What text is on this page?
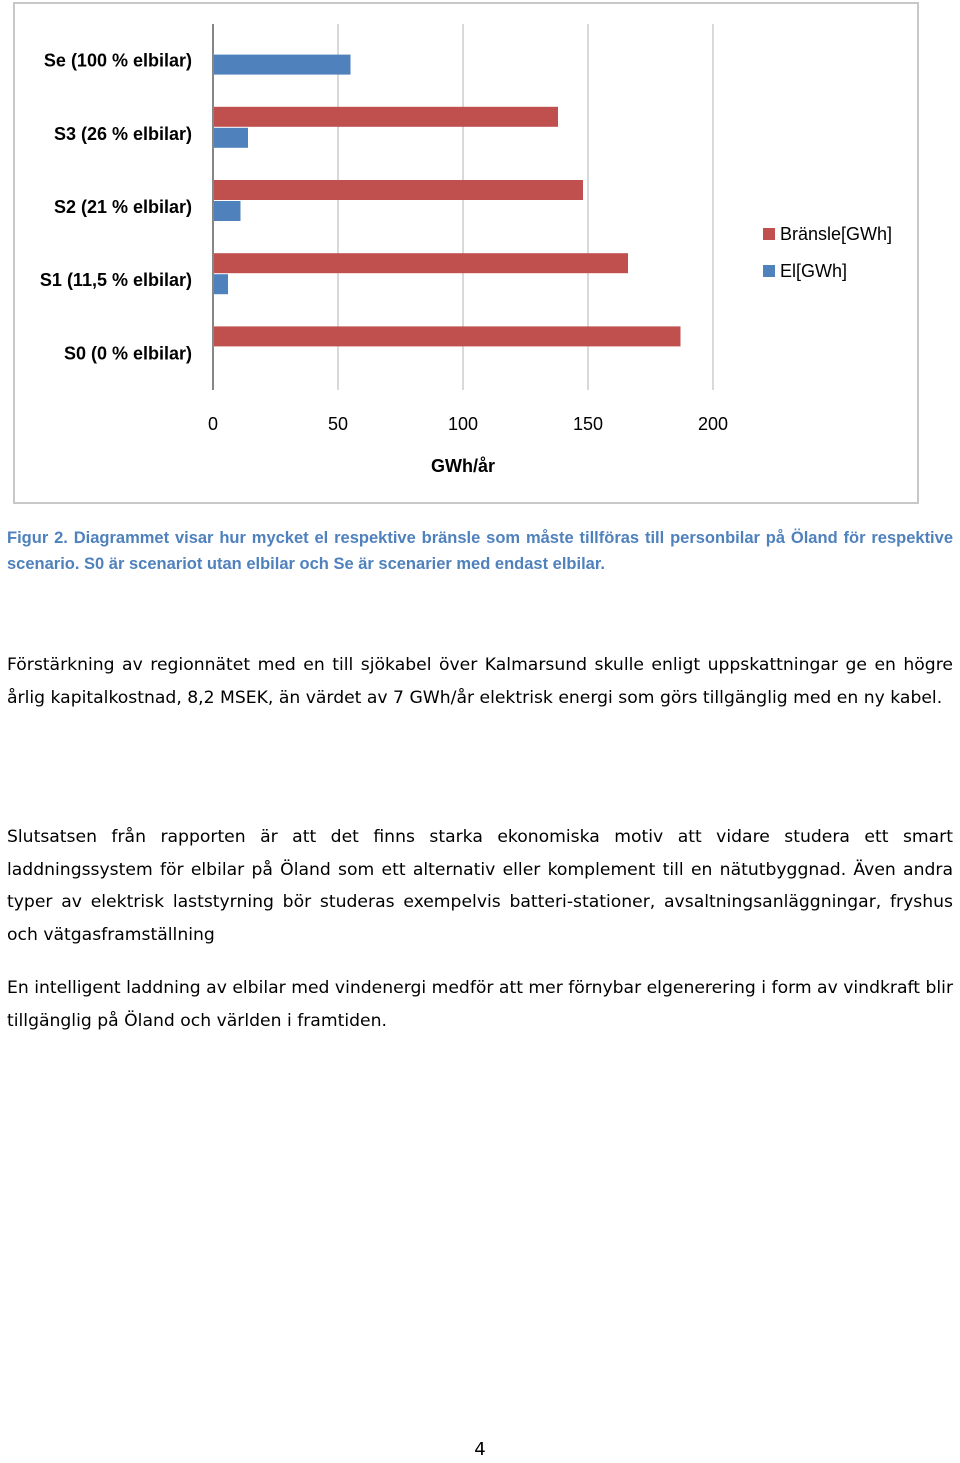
0	50	100	150	200
S0 (0 % elbilar)
S1 (11,5 % elbilar)
S2 (21 % elbilar)
S3 (26 % elbilar)
Se (100 % elbilar)
GWh/år
Bränsle[GWh]
El[GWh]

Figur 2. Diagrammet visar hur mycket el respektive bränsle som måste tillföras till personbilar på Öland för respektive scenario. S0 är scenariot utan elbilar och Se är scenarier med endast elbilar.

Förstärkning av regionnätet med en till sjökabel över Kalmarsund skulle enligt uppskattningar ge en högre årlig kapitalkostnad, 8,2 MSEK, än värdet av 7 GWh/år elektrisk energi som görs tillgänglig med en ny kabel.

Slutsatsen från rapporten är att det finns starka ekonomiska motiv att vidare studera ett smart laddningssystem för elbilar på Öland som ett alternativ eller komplement till en nätutbyggnad. Även andra typer av elektrisk laststyrning bör studeras exempelvis batteri-stationer, avsaltningsanläggningar, fryshus och vätgasframställning

En intelligent laddning av elbilar med vindenergi medför att mer förnybar elgenerering i form av vindkraft blir tillgänglig på Öland och världen i framtiden.

4
